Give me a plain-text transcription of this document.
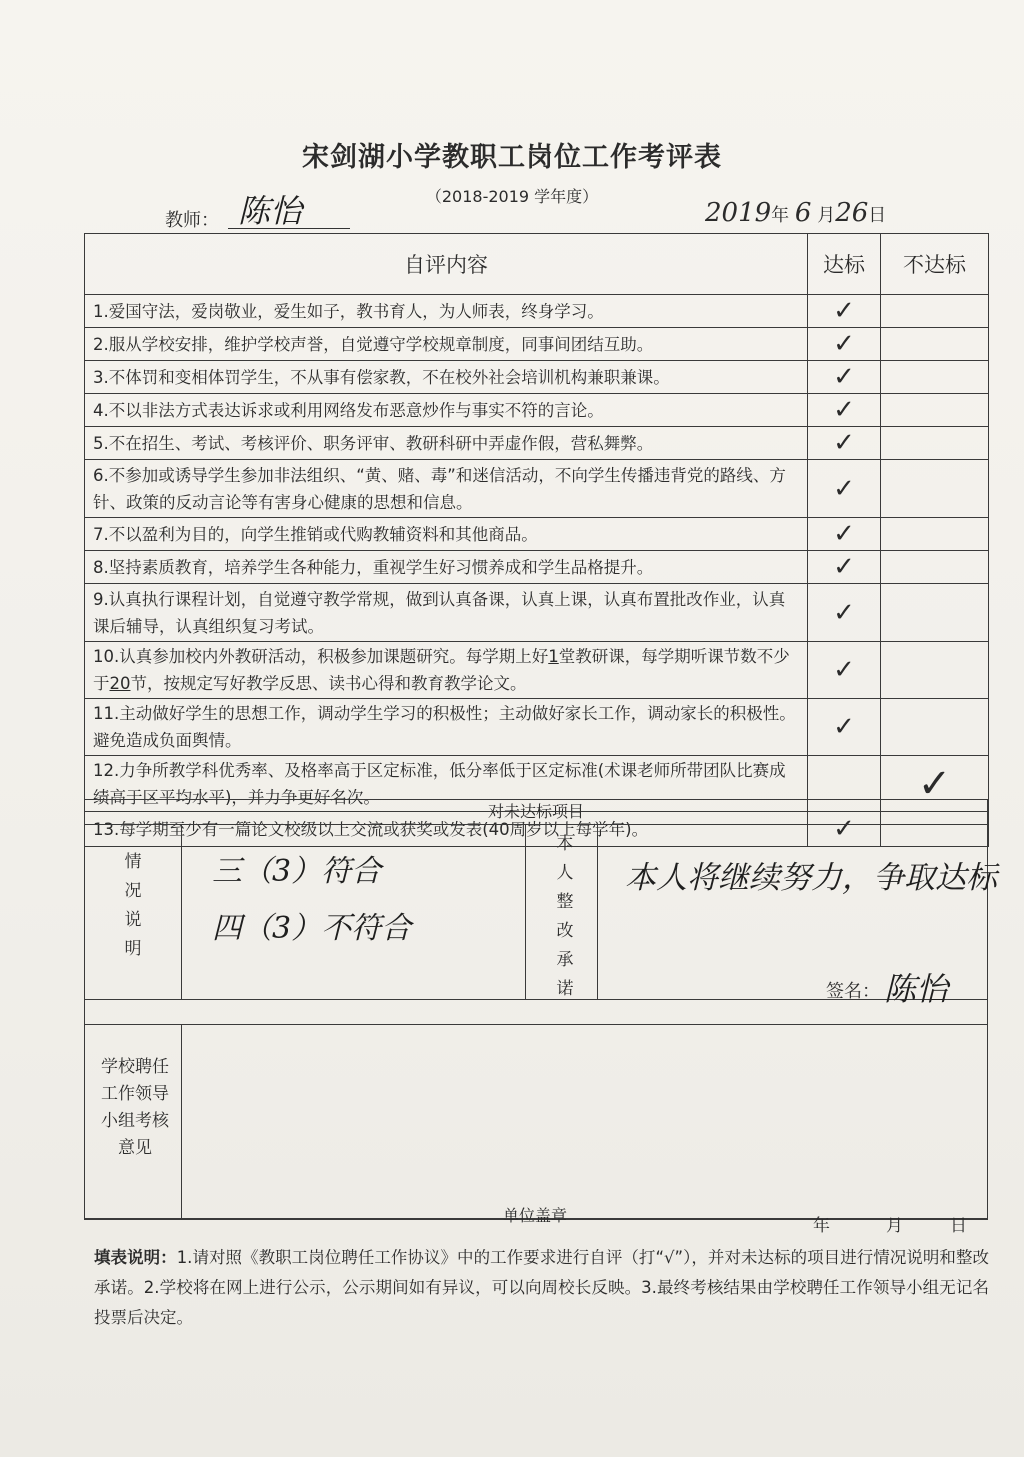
宋剑湖小学教职工岗位工作考评表
（2018-2019 学年度）
教师： 陈怡	2019年 6 月26日
自评内容	达标	不达标
1.爱国守法，爱岗敬业，爱生如子，教书育人，为人师表，终身学习。	✓	
2.服从学校安排，维护学校声誉，自觉遵守学校规章制度，同事间团结互助。	✓	
3.不体罚和变相体罚学生，不从事有偿家教，不在校外社会培训机构兼职兼课。	✓	
4.不以非法方式表达诉求或利用网络发布恶意炒作与事实不符的言论。	✓	
5.不在招生、考试、考核评价、职务评审、教研科研中弄虚作假，营私舞弊。	✓	
6.不参加或诱导学生参加非法组织、“黄、赌、毒”和迷信活动，不向学生传播违背党的路线、方针、政策的反动言论等有害身心健康的思想和信息。	✓	
7.不以盈利为目的，向学生推销或代购教辅资料和其他商品。	✓	
8.坚持素质教育，培养学生各种能力，重视学生好习惯养成和学生品格提升。	✓	
9.认真执行课程计划，自觉遵守教学常规，做到认真备课，认真上课，认真布置批改作业，认真课后辅导，认真组织复习考试。	✓	
10.认真参加校内外教研活动，积极参加课题研究。每学期上好1堂教研课，每学期听课节数不少于20节，按规定写好教学反思、读书心得和教育教学论文。	✓	
11.主动做好学生的思想工作，调动学生学习的积极性；主动做好家长工作，调动家长的积极性。避免造成负面舆情。	✓	
12.力争所教学科优秀率、及格率高于区定标准，低分率低于区定标准(术课老师所带团队比赛成绩高于区平均水平)，并力争更好名次。		✓
13.每学期至少有一篇论文校级以上交流或获奖或发表(40周岁以上每学年)。	✓	
对未达标项目
情况说明
三（3）符合
四（3）不符合
本人整改承诺
本人将继续努力，争取达标
签名： 陈怡
学校聘任工作领导小组考核意见
单位盖章
年	月	日
填表说明：1.请对照《教职工岗位聘任工作协议》中的工作要求进行自评（打“√”），并对未达标的项目进行情况说明和整改承诺。2.学校将在网上进行公示，公示期间如有异议，可以向周校长反映。3.最终考核结果由学校聘任工作领导小组无记名投票后决定。
